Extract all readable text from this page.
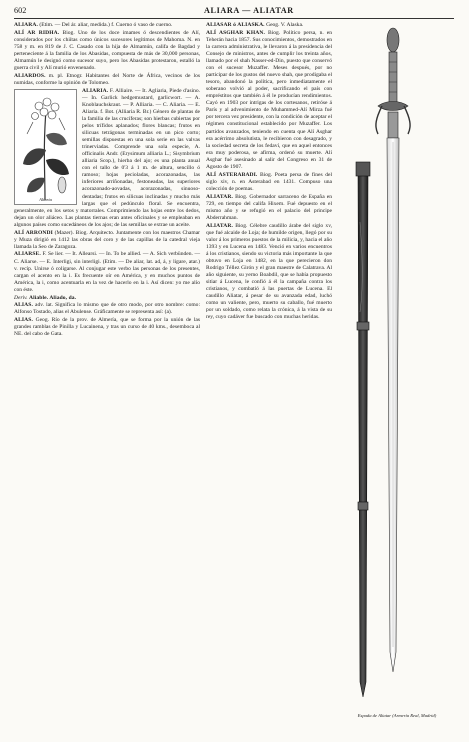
602	ALIARA — ALIATAR

ALIARA. (Etim. — Del ár. aliar, medida.) f. Cuerno ó vaso de cuerno.

ALÍ AR RIDHA. Biog. Uno de los doce imames ó descendientes de Alí, considerados por los chiítas como únicos sucesores legítimos de Mahoma. N. en 758 y m. en 819 de J. C. Casado con la hija de Almamún, califa de Bagdad y perteneciente á la familia de los Abasidas, compuesta de más de 30,000 personas, Almamún le designó como sucesor suyo, pero los Abasidas protestaron, estalló la guerra civil y Alí murió envenenado.

ALIARDOS. m. pl. Etnogr. Habitantes del Norte de África, vecinos de los numidas, conforme la opinión de Tolomeo.

Aliaria
ALIARIA. F. Alliaire. — It. Agliaria, Piede d'asino. — In. Garlick hedgemustard, garlicwort. — A. Knoblauchskraut. — P. Alliaria. — C. Aliaria. — E. Aliaria. f. Bot. (Alliaria R. Br.) Género de plantas de la familia de las crucíferas; son hierbas cubiertas por pelos trífidos aplanados; flores blancas; frutos en silicuas tetrágonas terminadas en un pico corto; semillas dispuestas en una sola serie en las valvas trinerviadas. Comprende una sola especie, A. officinalis Andr. (Erysimum alliaria L.; Sisymbrium alliaria Scop.), hierba del ajo; es una planta anual con el tallo de 0'3 á 1 m. de altura, sencillo ó ramoso; hojas pecioladas, acorazonadas, las inferiores arriñonadas, festoneadas, las superiores acorazonado-aovadas, acorazonadas, sinuoso-dentadas; frutos en silicuas inclinadas y mucho más largas que el pedúnculo floral. Se encuentra, generalmente, en los setos y matorrales. Comprimiendo las hojas entre los dedos, dejan un olor aliáceo. Las plantas tiernas eran antes oficinales y se empleaban en algunos países como sucedáneos de los ajos; de las semillas se extrae un aceite.

ALÍ ARRONDI (Mazer). Biog. Arquitecto. Juntamente con los maestros Chamar y Muza dirigió en 1412 las obras del coro y de las capillas de la catedral vieja llamada la Seo de Zaragoza.

ALIARSE. F. Se lier. — It. Allearsi. — In. To be allied. — A. Sich verbünden. — C. Aliarse. — E. Interligi, sin interligi. (Etim. — De aliar, lat. ad, á, y ligare, atar.) v. recíp. Unirse ó coligarse. Al conjugar este verbo las personas de los presentes, cargan el acento en la i. Es frecuente oír en América, y en muchos puntos de América, la i, como acentuarla en la vez de hacerlo en la i. Así dicen: yo me alío con éste.

Deriv. Aliable. Aliado, da.

ALIAS. adv. lat. Significa lo mismo que de otro modo, por otro nombre: como: Alfonso Tostado, alias el Abulense. Gráficamente se representa así: (a).

ALIAS. Geog. Río de la prov. de Almería, que se forma por la unión de las grandes ramblas de Pinilla y Lucainena, y tras un curso de 40 kms., desemboca al NE. del cabo de Gata.

ALIASAR ó ALIASKA. Geog. V. Alaska.

ALÍ ASGHAR KHAN. Biog. Político persa, n. en Teherán hacia 1857. Sus conocimientos, demostrados en la carrera administrativa, le llevaron á la presidencia del Consejo de ministros, antes de cumplir los treinta años, llamado por el shah Nasser-ed-Din, puesto que conservó con el sucesor Muzaffer. Meses después, por no participar de los gustos del nuevo shah, que prodigaba el tesoro, abandonó la política, pero inmediatamente el soberano volvió al poder, sacrificando el país con empréstitos que también á él le producían rendimientos. Cayó en 1903 por intrigas de los cortesanos, retiróse á París y al advenimiento de Muhammed-Alí Mirza fué por tercera vez presidente, con la condición de aceptar el régimen constitucional establecido por Muzaffer. Los partidos avanzados, teniendo en cuenta que Alí Asghar era acérrimo absolutista, le recibieron con desagrado, y la sociedad secreta de los fedaví, que en aquel entonces era muy poderosa, se afirma, ordenó su muerte. Alí Asghar fué asesinado al salir del Congreso en 31 de Agosto de 1907.

ALÍ ASTERABADI. Biog. Poeta persa de fines del siglo xiv, n. en Asterabad en 1431. Compuso una colección de poemas.

ALIATAR. Biog. Gobernador sarraceno de España en 729, en tiempo del califa Hixem. Fué depuesto en el mismo año y se refugió en el palacio del principe Abderrahman.

ALIATAR. Biog. Célebre caudillo árabe del siglo xv, que fué alcaide de Loja; de humilde origen, llegó por su valor á los primeros puestos de la milicia, y, hacia el año 1393 y en Lucena en 1483. Venció en varios encuentros á los cristianos, siendo su victoria más importante la que obtuvo en Loja en 1482, en la que perecieron don Rodrigo Téllez Girón y el gran maestre de Calatrava. Al año siguiente, su yerno Boabdil, que se había propuesto sitiar á Lucena, le confió á él la campaña contra los cristianos, y combatió á las puertas de Lucena. El caudillo Aliatar, á pesar de su avanzada edad, luchó como un valiente, pero, muerto su caballo, fué muerto por un soldado, como relata la crónica, á la vista de su rey, cuyo cadáver fue buscado con muchas heridas.

Espada de Aliatar (Armería Real, Madrid)
